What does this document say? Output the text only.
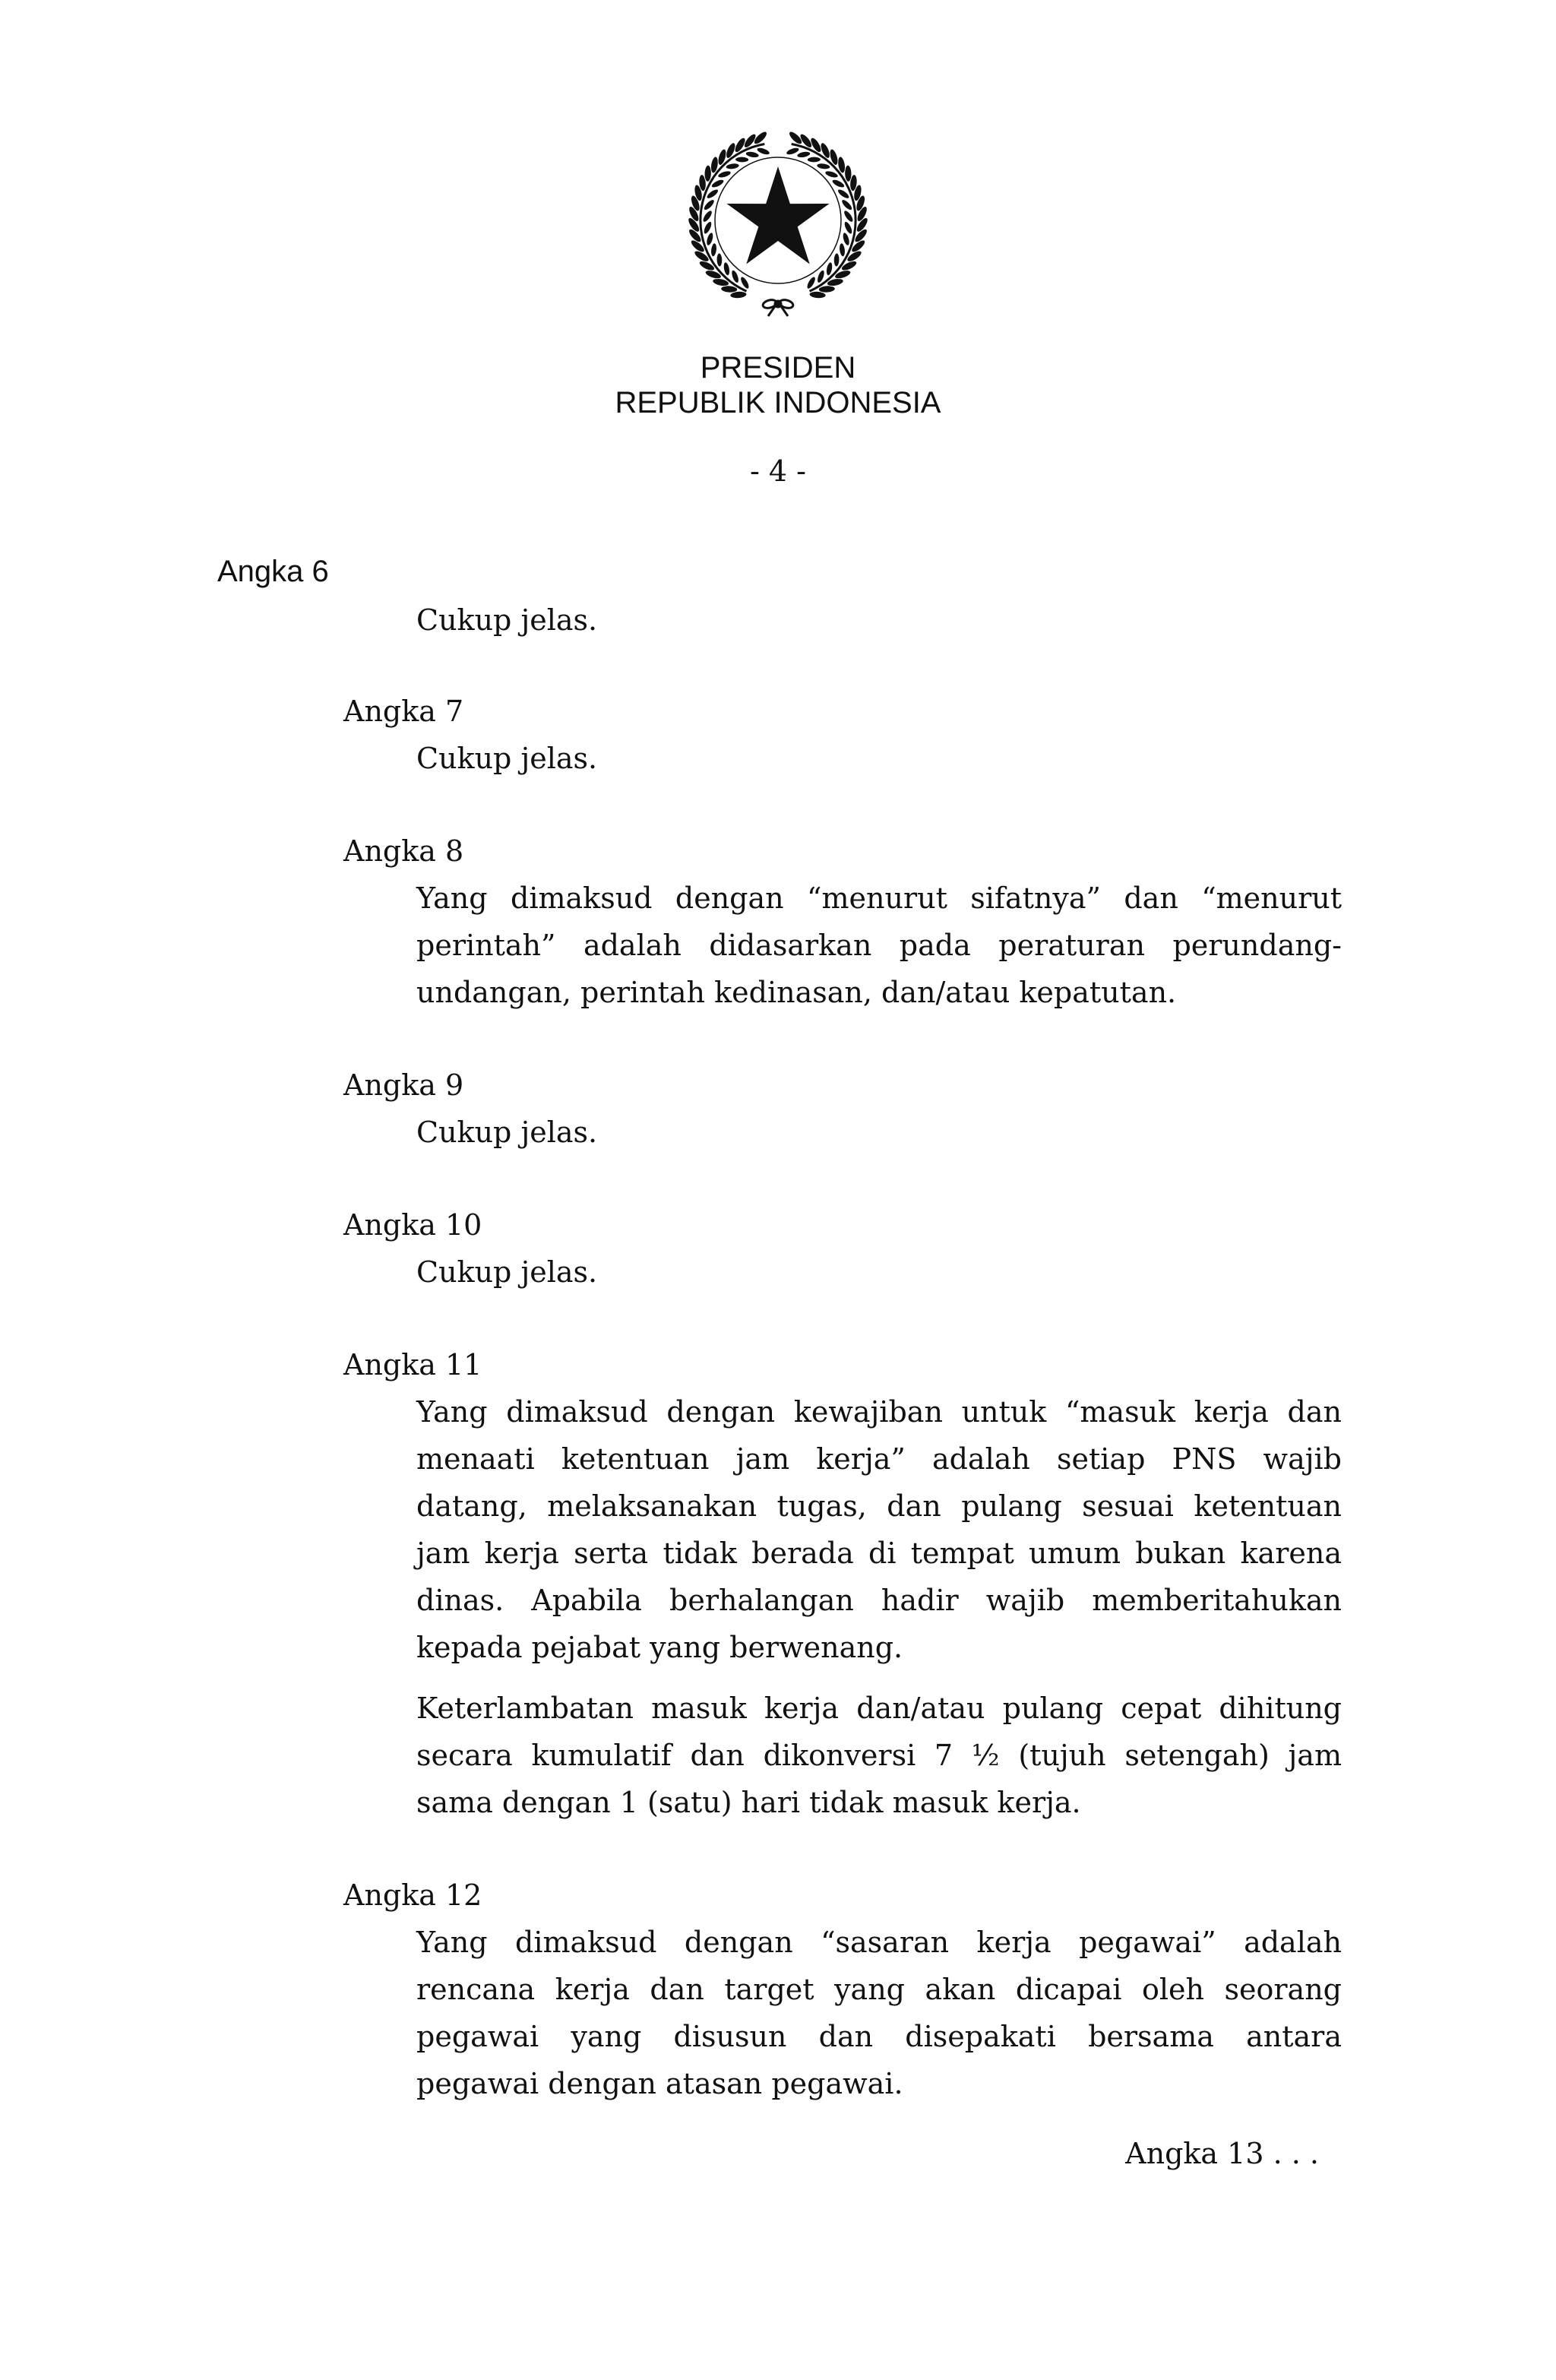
PRESIDEN
REPUBLIK INDONESIA
- 4 -
Angka 6
Cukup jelas.
Angka 7
Cukup jelas.
Angka 8
Yang dimaksud dengan “menurut sifatnya” dan “menurut
perintah” adalah didasarkan pada peraturan perundang-
undangan, perintah kedinasan, dan/atau kepatutan.
Angka 9
Cukup jelas.
Angka 10
Cukup jelas.
Angka 11
Yang dimaksud dengan kewajiban untuk “masuk kerja dan
menaati ketentuan jam kerja” adalah setiap PNS wajib
datang, melaksanakan tugas, dan pulang sesuai ketentuan
jam kerja serta tidak berada di tempat umum bukan karena
dinas. Apabila berhalangan hadir wajib memberitahukan
kepada pejabat yang berwenang.
Keterlambatan masuk kerja dan/atau pulang cepat dihitung
secara kumulatif dan dikonversi 7 ½ (tujuh setengah) jam
sama dengan 1 (satu) hari tidak masuk kerja.
Angka 12
Yang dimaksud dengan “sasaran kerja pegawai” adalah
rencana kerja dan target yang akan dicapai oleh seorang
pegawai yang disusun dan disepakati bersama antara
pegawai dengan atasan pegawai.
Angka 13 . . .
